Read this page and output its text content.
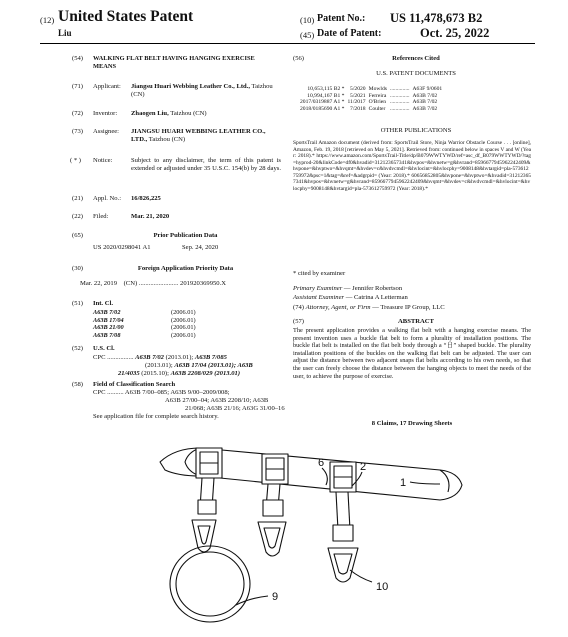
(12) United States Patent
Liu
(10) Patent No.: US 11,478,673 B2
(45) Date of Patent:	Oct. 25, 2022
(54) WALKING FLAT BELT HAVING HANGING EXERCISE MEANS
(71) Applicant: Jiangsu Huari Webbing Leather Co., Ltd., Taizhou (CN)
(72) Inventor: Zhaogen Liu, Taizhou (CN)
(73) Assignee: JIANGSU HUARI WEBBING LEATHER CO., LTD., Taizhou (CN)
( * ) Notice:	Subject to any disclaimer, the term of this patent is extended or adjusted under 35 U.S.C. 154(b) by 28 days.
(21) Appl. No.: 16/826,225
(22) Filed:	Mar. 21, 2020
(65)	Prior Publication Data
US 2020/0298041 A1	Sep. 24, 2020
(30)	Foreign Application Priority Data
Mar. 22, 2019 (CN) ........................ 201920369950.X
(51) Int. Cl.
A63B 7/02	(2006.01)
A63B 17/04	(2006.01)
A63B 21/00	(2006.01)
A63B 7/08	(2006.01)
(52) U.S. Cl.
CPC ................ A63B 7/02 (2013.01); A63B 7/085
(2013.01); A63B 17/04 (2013.01); A63B
21/4035 (2015.10); A63B 2208/029 (2013.01)
(58) Field of Classification Search
CPC .......... A63B 7/00–085; A63B 9/00–2009/008;
A63B 27/00–04; A63B 2208/10; A63B
21/068; A63B 21/16; A63G 31/00–16
See application file for complete search history.
(56)	References Cited
U.S. PATENT DOCUMENTS
10,653,115 B2 *	5/2020	Mowlds	..............	A63F 9/0601
10,994,167 B1 *	5/2021	Ferreira	..............	A63B 7/02
2017/0319887 A1 *	11/2017	O'Brien	..............	A63B 7/02
2018/0185690 A1 *	7/2018	Coulter	..............	A63B 7/02
OTHER PUBLICATIONS
SportsTrail Amazon document (derived from: SportsTrail Store, Ninja Warrior Obstacle Course . . . [online], Amazon, Feb. 19, 2018 [retrieved on May 5, 2021]. Retrieved from: continued below in spaces V and W (Year: 2018).* https://www.amazon.com/SportsTrail-Title/dp/B079WWTYWD/ref=asc_df_B079WWTYWD/?tag=hyprod-20&linkCode=df0&hvadid=312123657341&hvpos=&hvnetw=g&hvrand=8596677945962242409&hvpone=&hvptwo=&hvqmt=&hvdev=c&hvdvcmdl=&hvlocint=&hvlocphy=9008148&hvtargid=pla-573612759972&psc=1&tag=&ref=&adgrpid= (Year: 2018).* 60656852805&hvpone=&hvptwo=&hvadid=312123657341&hvpos=&hvnetw=g&hvrand=8596677945962242409&hvqmt=&hvdev=c&hvdvcmdl=&hvlocint=&hvlocphy=9008148&hvtargid=pla-573612759972 (Year: 2018).*
* cited by examiner
Primary Examiner — Jennifer Robertson
Assistant Examiner — Catrina A Letterman
(74) Attorney, Agent, or Firm — Treasure IP Group, LLC
(57)	ABSTRACT
The present application provides a walking flat belt with a hanging exercise means. The present invention uses a buckle flat belt to form a plurality of installation positions. The buckle flat belt is installed on the flat belt body through a “日” shaped buckle. The plurality installation positions of the buckles on the walking flat belt can be adjusted. The user can adjust the distance between two adjacent snaps flat belts according to his own needs, so that the user can freely choose the distance between the hanging objects to meet the needs of the user, to achieve the purpose of exercise.
8 Claims, 17 Drawing Sheets
6	2
1
9
10
